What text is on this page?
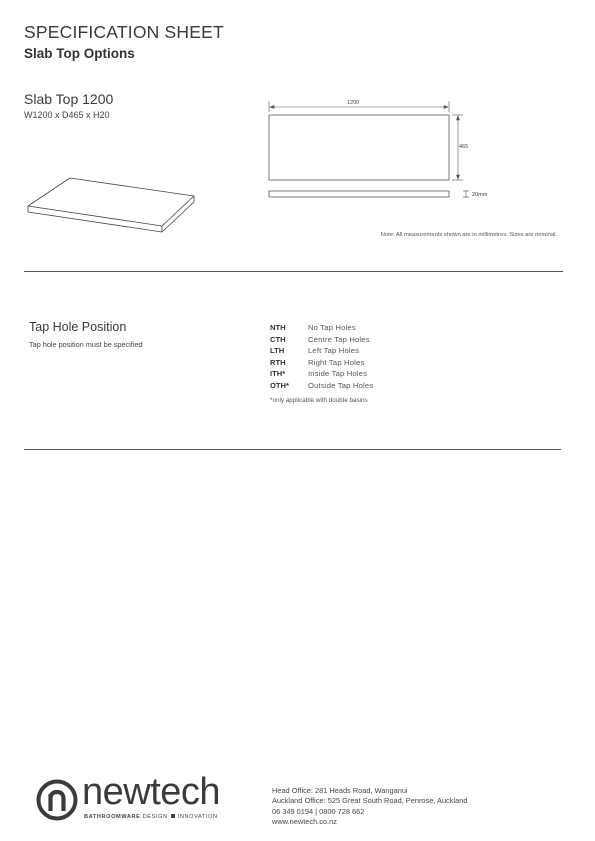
SPECIFICATION SHEET
Slab Top Options
Slab Top 1200
W1200 x D465 x H20
1200
465
20mm
Note: All measurements shown are in millimetres. Sizes are nominal.
Tap Hole Position
Tap hole position must be specified
NTH	No Tap Holes
CTH	Centre Tap Holes
LTH	Left Tap Holes
RTH	Right Tap Holes
ITH*	Inside Tap Holes
OTH*	Outside Tap Holes
*only applicable with double basins
newtech
BATHROOMWARE DESIGN INNOVATION
Head Office: 281 Heads Road, Wanganui
Auckland Office: 525 Great South Road, Penrose, Auckland
06 349 0194 | 0800 728 662
www.newtech.co.nz
